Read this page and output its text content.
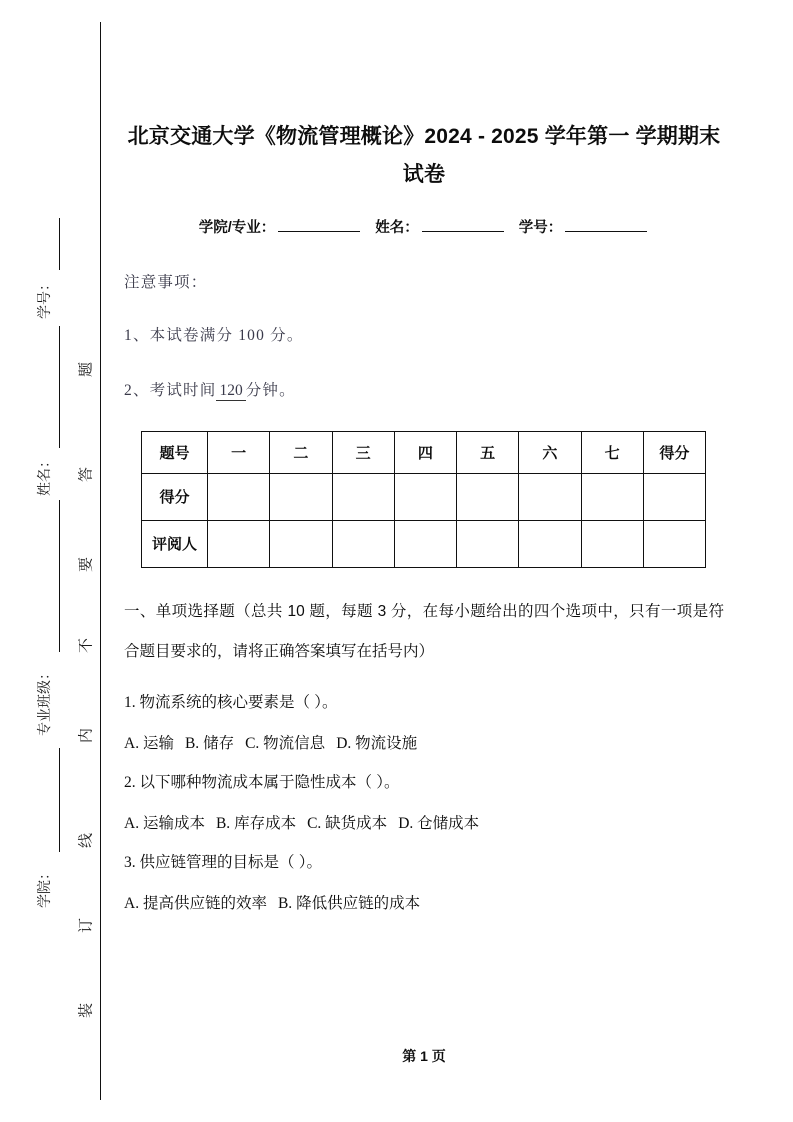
学号：
姓名：
专业班级：
学院：
题
答
要
不
内
线
订
装
北京交通大学《物流管理概论》2024 - 2025 学年第一 学期期末试卷
学院/专业：	姓名：	学号：

注意事项：

1、本试卷满分 100 分。

2、考试时间 120 分钟。

题号	一	二	三	四	五	六	七	得分
得分								
评阅人								

一、单项选择题（总共 10 题，每题 3 分，在每小题给出的四个选项中，只有一项是符合题目要求的，请将正确答案填写在括号内）

1. 物流系统的核心要素是（ ）。

A. 运输 B. 储存 C. 物流信息 D. 物流设施

2. 以下哪种物流成本属于隐性成本（ ）。

A. 运输成本 B. 库存成本 C. 缺货成本 D. 仓储成本

3. 供应链管理的目标是（ ）。

A. 提高供应链的效率 B. 降低供应链的成本

第 1 页
